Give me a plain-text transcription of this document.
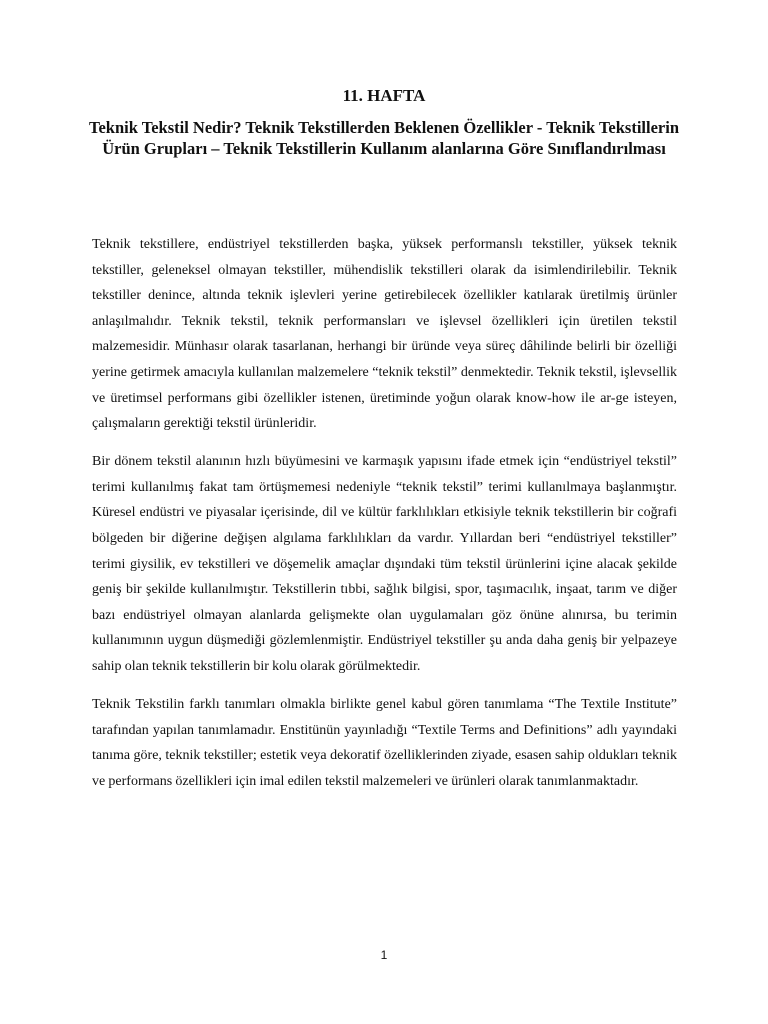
11. HAFTA
Teknik Tekstil Nedir? Teknik Tekstillerden Beklenen Özellikler - Teknik Tekstillerin Ürün Grupları – Teknik Tekstillerin Kullanım alanlarına Göre Sınıflandırılması

Teknik tekstillere, endüstriyel tekstillerden başka, yüksek performanslı tekstiller, yüksek teknik tekstiller, geleneksel olmayan tekstiller, mühendislik tekstilleri olarak da isimlendirilebilir. Teknik tekstiller denince, altında teknik işlevleri yerine getirebilecek özellikler katılarak üretilmiş ürünler anlaşılmalıdır. Teknik tekstil, teknik performansları ve işlevsel özellikleri için üretilen tekstil malzemesidir. Münhasır olarak tasarlanan, herhangi bir üründe veya süreç dâhilinde belirli bir özelliği yerine getirmek amacıyla kullanılan malzemelere “teknik tekstil” denmektedir. Teknik tekstil, işlevsellik ve üretimsel performans gibi özellikler istenen, üretiminde yoğun olarak know-how ile ar-ge isteyen, çalışmaların gerektiği tekstil ürünleridir.

Bir dönem tekstil alanının hızlı büyümesini ve karmaşık yapısını ifade etmek için “endüstriyel tekstil” terimi kullanılmış fakat tam örtüşmemesi nedeniyle “teknik tekstil” terimi kullanılmaya başlanmıştır. Küresel endüstri ve piyasalar içerisinde, dil ve kültür farklılıkları etkisiyle teknik tekstillerin bir coğrafi bölgeden bir diğerine değişen algılama farklılıkları da vardır. Yıllardan beri “endüstriyel tekstiller” terimi giysilik, ev tekstilleri ve döşemelik amaçlar dışındaki tüm tekstil ürünlerini içine alacak şekilde geniş bir şekilde kullanılmıştır. Tekstillerin tıbbi, sağlık bilgisi, spor, taşımacılık, inşaat, tarım ve diğer bazı endüstriyel olmayan alanlarda gelişmekte olan uygulamaları göz önüne alınırsa, bu terimin kullanımının uygun düşmediği gözlemlenmiştir. Endüstriyel tekstiller şu anda daha geniş bir yelpazeye sahip olan teknik tekstillerin bir kolu olarak görülmektedir.

Teknik Tekstilin farklı tanımları olmakla birlikte genel kabul gören tanımlama “The Textile Institute” tarafından yapılan tanımlamadır. Enstitünün yayınladığı “Textile Terms and Definitions” adlı yayındaki tanıma göre, teknik tekstiller; estetik veya dekoratif özelliklerinden ziyade, esasen sahip oldukları teknik ve performans özellikleri için imal edilen tekstil malzemeleri ve ürünleri olarak tanımlanmaktadır.

1
